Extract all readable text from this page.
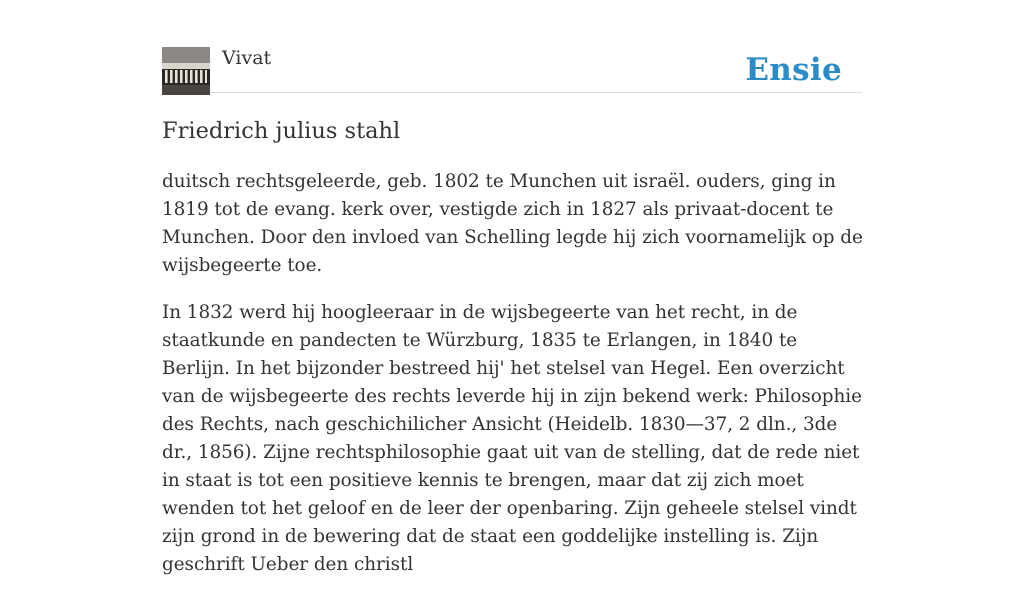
Vivat	Ensie
Friedrich julius stahl

duitsch rechtsgeleerde, geb. 1802 te Munchen uit israël. ouders, ging in 1819 tot de evang. kerk over, vestigde zich in 1827 als privaat-docent te Munchen. Door den invloed van Schelling legde hij zich voornamelijk op de wijsbegeerte toe.

In 1832 werd hij hoogleeraar in de wijsbegeerte van het recht, in de staatkunde en pandecten te Würzburg, 1835 te Erlangen, in 1840 te Berlijn. In het bijzonder bestreed hij' het stelsel van Hegel. Een overzicht van de wijsbegeerte des rechts leverde hij in zijn bekend werk: Philosophie des Rechts, nach geschichilicher Ansicht (Heidelb. 1830—37, 2 dln., 3de dr., 1856). Zijne rechtsphilosophie gaat uit van de stelling, dat de rede niet in staat is tot een positieve kennis te brengen, maar dat zij zich moet wenden tot het geloof en de leer der openbaring. Zijn geheele stelsel vindt zijn grond in de bewering dat de staat een goddelijke instelling is. Zijn geschrift Ueber den christl
